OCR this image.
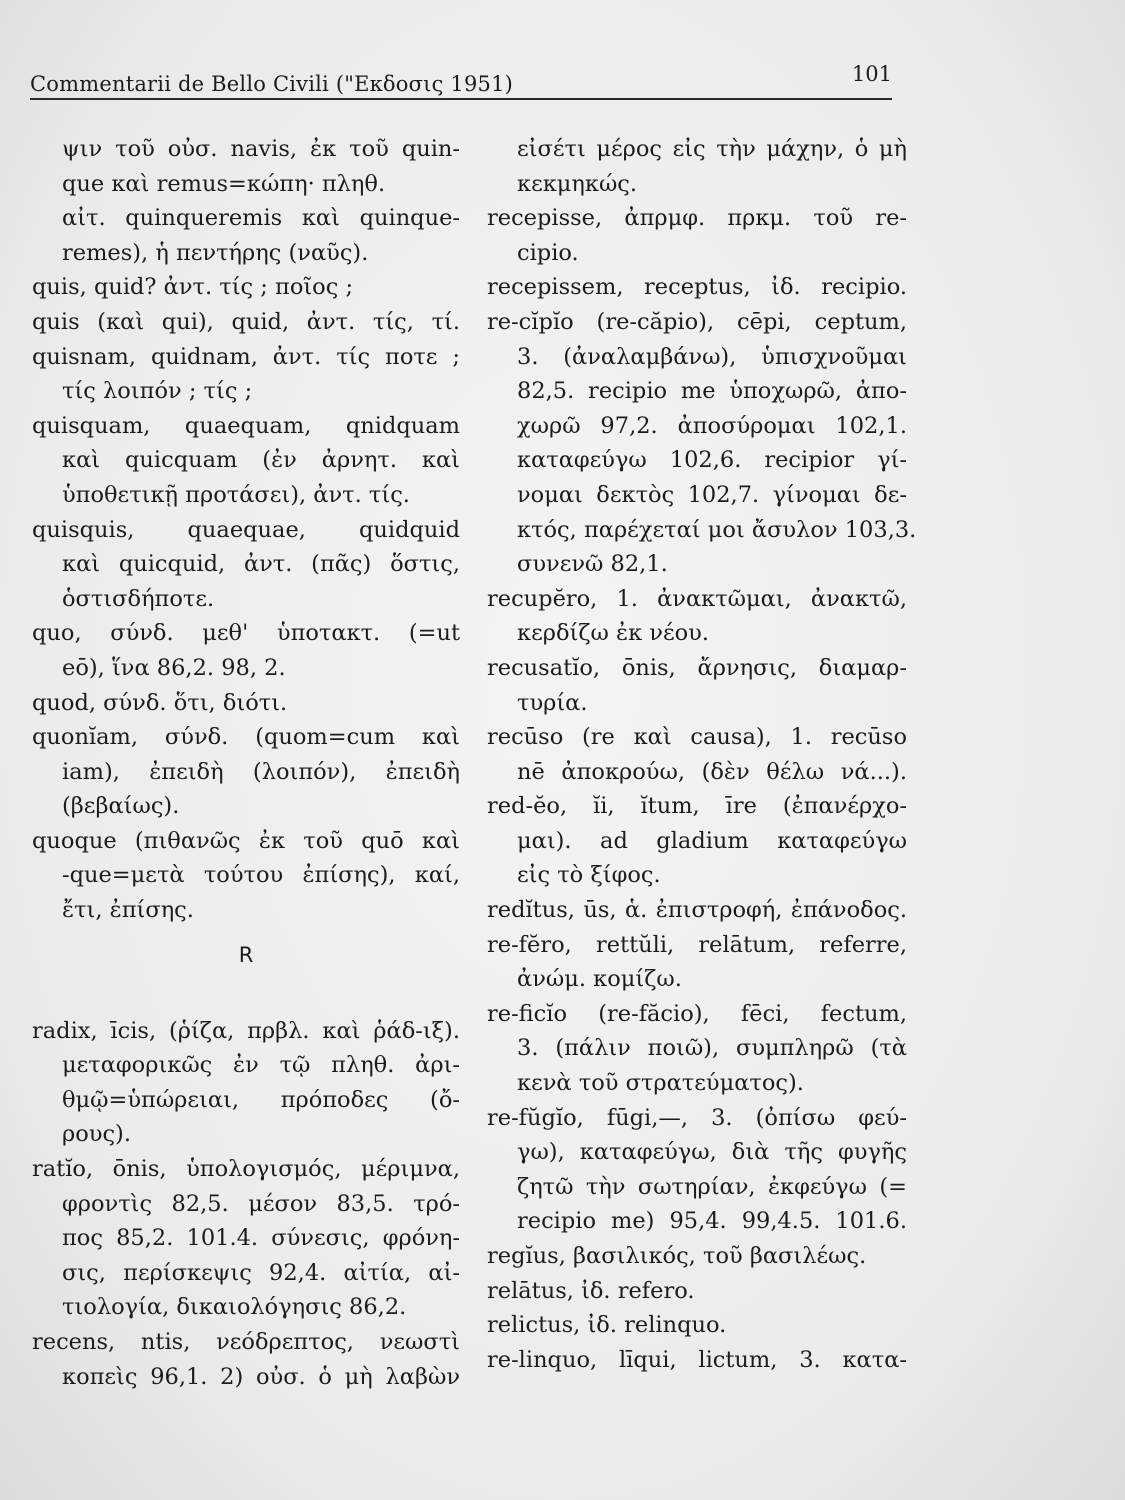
Commentarii de Bello Civili ("Εκδοσις 1951)	101
ψιν τοῦ οὐσ. navis, ἐκ τοῦ quin-
que καὶ remus=κώπη· πληθ.
αἰτ. quinqueremis καὶ quinque-
remes), ἡ πεντήρης (ναῦς).
quis, quid? ἀντ. τίς ; ποῖος ;
quis (καὶ qui), quid, ἀντ. τίς, τί.
quisnam, quidnam, ἀντ. τίς ποτε ;
τίς λοιπόν ; τίς ;
quisquam, quaequam, qnidquam
καὶ quicquam (ἐν ἀρνητ. καὶ
ὑποθετικῇ προτάσει), ἀντ. τίς.
quisquis, quaequae, quidquid
καὶ quicquid, ἀντ. (πᾶς) ὅστις,
ὁστισδήποτε.
quo, σύνδ. μεθ' ὑποτακτ. (=ut
eō), ἵνα 86,2. 98, 2.
quod, σύνδ. ὅτι, διότι.
quonĭam, σύνδ. (quom=cum καὶ
iam), ἐπειδὴ (λοιπόν), ἐπειδὴ
(βεβαίως).
quoque (πιθανῶς ἐκ τοῦ quō καὶ
-que=μετὰ τούτου ἐπίσης), καί,
ἔτι, ἐπίσης.
R
radix, īcis, (ῥίζα, πρβλ. καὶ ῥάδ-ιξ).
μεταφορικῶς ἐν τῷ πληθ. ἀρι-
θμῷ=ὑπώρειαι, πρόποδες (ὄ-
ρους).
ratĭo, ōnis, ὑπολογισμός, μέριμνα,
φροντὶς 82,5. μέσον 83,5. τρό-
πος 85,2. 101.4. σύνεσις, φρόνη-
σις, περίσκεψις 92,4. αἰτία, αἰ-
τιολογία, δικαιολόγησις 86,2.
recens, ntis, νεόδρεπτος, νεωστὶ
κοπεὶς 96,1. 2) οὐσ. ὁ μὴ λαβὼν
εἰσέτι μέρος εἰς τὴν μάχην, ὁ μὴ
κεκμηκώς.
recepisse, ἀπρμφ. πρκμ. τοῦ re-
cipio.
recepissem, receptus, ἰδ. recipio.
re-cĭpĭo (re-căpio), cēpi, ceptum,
3. (ἀναλαμβάνω), ὑπισχνοῦμαι
82,5. recipio me ὑποχωρῶ, ἀπο-
χωρῶ 97,2. ἀποσύρομαι 102,1.
καταφεύγω 102,6. recipior γί-
νομαι δεκτὸς 102,7. γίνομαι δε-
κτός, παρέχεταί μοι ἄσυλον 103,3.
συνενῶ 82,1.
recupĕro, 1. ἀνακτῶμαι, ἀνακτῶ,
κερδίζω ἐκ νέου.
recusatĭo, ōnis, ἄρνησις, διαμαρ-
τυρία.
recūso (re καὶ causa), 1. recūso
nē ἀποκρούω, (δὲν θέλω νά...).
red-ĕo, ĭi, ĭtum, īre (ἐπανέρχο-
μαι). ad gladium καταφεύγω
εἰς τὸ ξίφος.
redĭtus, ūs, ἁ. ἐπιστροφή, ἐπάνοδος.
re-fĕro, rettŭli, relātum, referre,
ἀνώμ. κομίζω.
re-ficĭo (re-făcio), fēci, fectum,
3. (πάλιν ποιῶ), συμπληρῶ (τὰ
κενὰ τοῦ στρατεύματος).
re-fŭgĭo, fūgi,—, 3. (ὀπίσω φεύ-
γω), καταφεύγω, διὰ τῆς φυγῆς
ζητῶ τὴν σωτηρίαν, ἐκφεύγω (=
recipio me) 95,4. 99,4.5. 101.6.
regĭus, βασιλικός, τοῦ βασιλέως.
relātus, ἰδ. refero.
relictus, ἰδ. relinquo.
re-linquo, līqui, lictum, 3. κατα-
